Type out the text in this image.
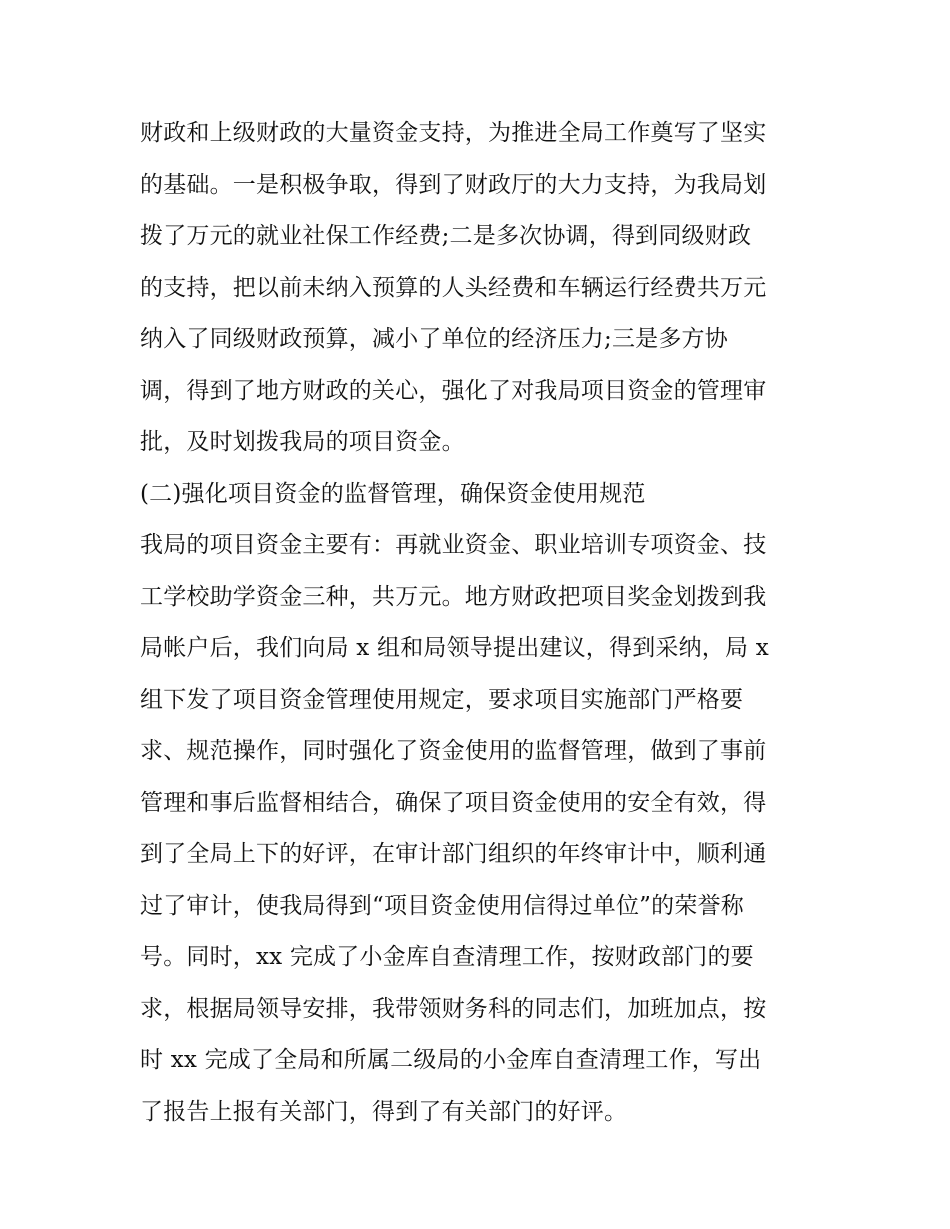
财政和上级财政的大量资金支持，为推进全局工作奠写了坚实
的基础。一是积极争取，得到了财政厅的大力支持，为我局划
拨了万元的就业社保工作经费;二是多次协调，得到同级财政
的支持，把以前未纳入预算的人头经费和车辆运行经费共万元
纳入了同级财政预算，减小了单位的经济压力;三是多方协
调，得到了地方财政的关心，强化了对我局项目资金的管理审
批，及时划拨我局的项目资金。
(二)强化项目资金的监督管理，确保资金使用规范
我局的项目资金主要有：再就业资金、职业培训专项资金、技
工学校助学资金三种，共万元。地方财政把项目奖金划拨到我
局帐户后，我们向局 x 组和局领导提出建议，得到采纳，局 x
组下发了项目资金管理使用规定，要求项目实施部门严格要
求、规范操作，同时强化了资金使用的监督管理，做到了事前
管理和事后监督相结合，确保了项目资金使用的安全有效，得
到了全局上下的好评，在审计部门组织的年终审计中，顺利通
过了审计，使我局得到“项目资金使用信得过单位”的荣誉称
号。同时，xx 完成了小金库自查清理工作，按财政部门的要
求，根据局领导安排，我带领财务科的同志们，加班加点，按
时 xx 完成了全局和所属二级局的小金库自查清理工作，写出
了报告上报有关部门，得到了有关部门的好评。
